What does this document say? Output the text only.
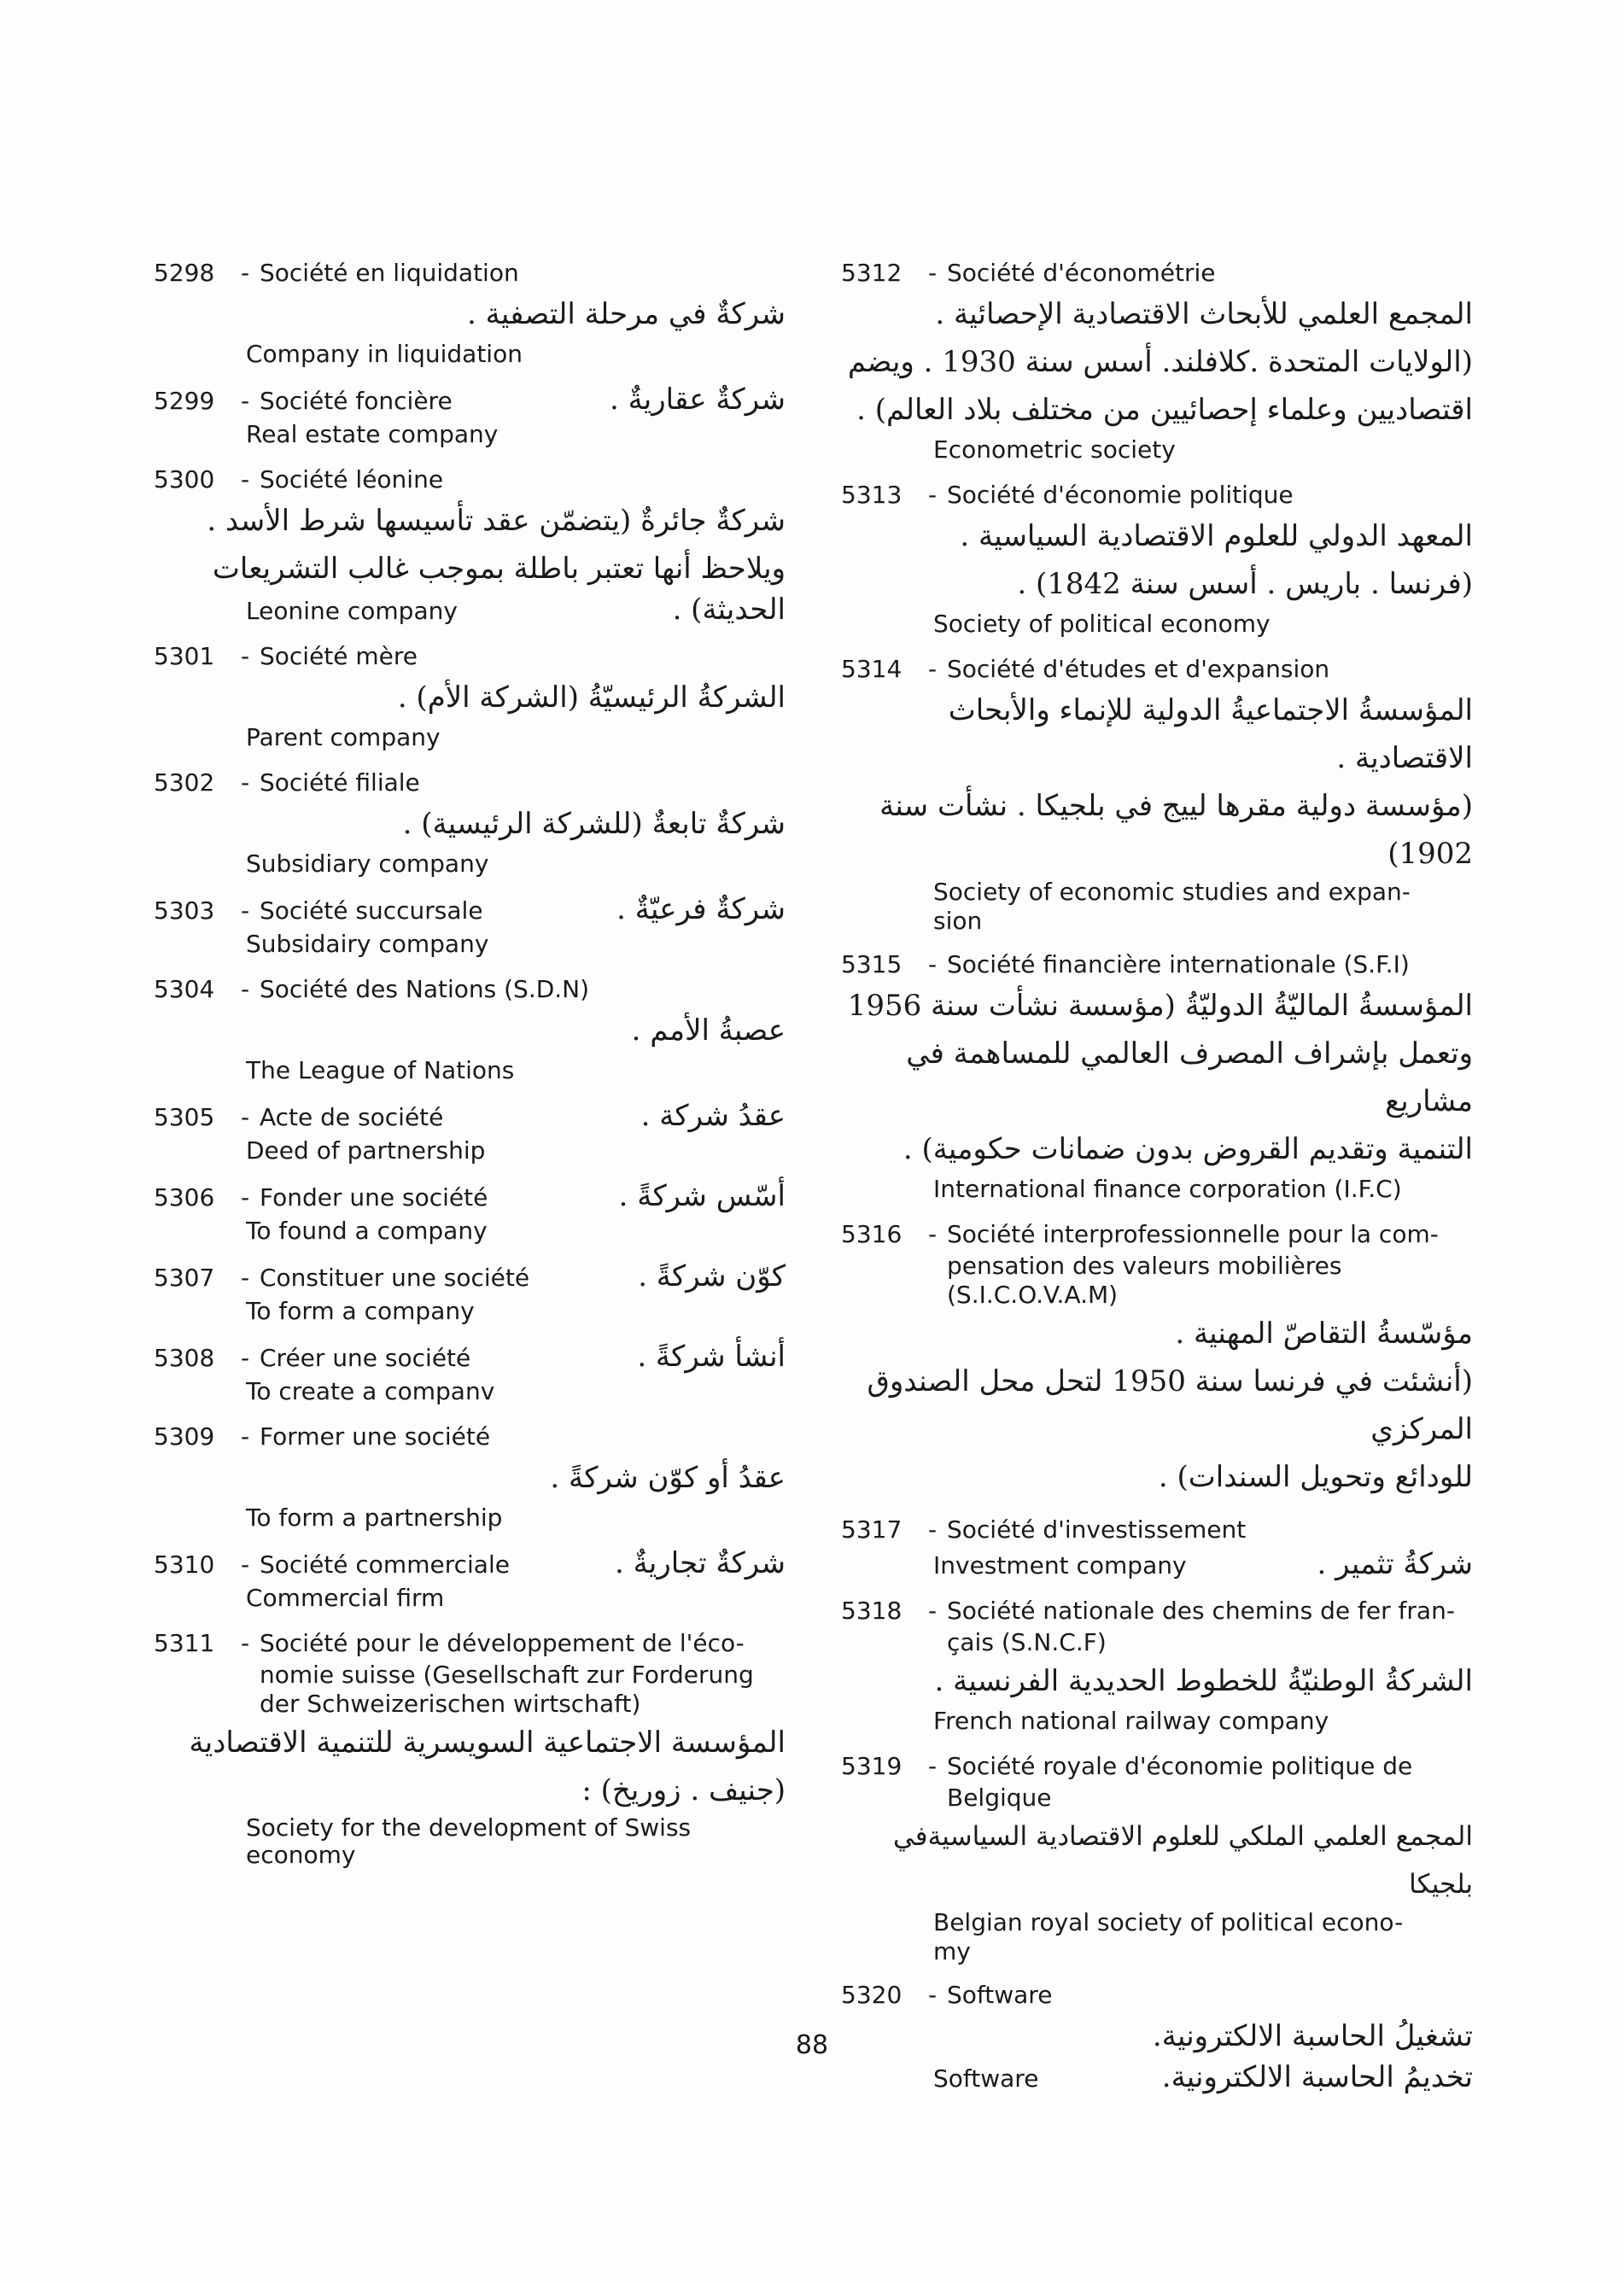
5298	- Société en liquidation
شركةٌ في مرحلة التصفية .
Company in liquidation
5299	- Société foncière	شركةٌ عقاريةٌ .
Real estate company
5300	- Société léonine
شركةٌ جائرةٌ (يتضمّن عقد تأسيسها شرط الأسد .
ويلاحظ أنها تعتبر باطلة بموجب غالب التشريعات
Leonine company	الحديثة) .
5301	- Société mère
الشركةُ الرئيسيّةُ (الشركة الأم) .
Parent company
5302	- Société filiale
شركةٌ تابعةٌ (للشركة الرئيسية) .
Subsidiary company
5303	- Société succursale	شركةٌ فرعيّةٌ .
Subsidairy company
5304	- Société des Nations (S.D.N)
عصبةُ الأمم .
The League of Nations
5305	- Acte de société	عقدُ شركة .
Deed of partnership
5306	- Fonder une société	أسّس شركةً .
To found a company
5307	- Constituer une société	كوّن شركةً .
To form a company
5308	- Créer une société	أنشأ شركةً .
To create a companv
5309	- Former une société
عقدُ أو كوّن شركةً .
To form a partnership
5310	- Société commerciale	شركةٌ تجاريةٌ .
Commercial firm
5311	- Société pour le développement de l'éco-
nomie suisse (Gesellschaft zur Forderung
der Schweizerischen wirtschaft)
المؤسسة الاجتماعية السويسرية للتنمية الاقتصادية
(جنيف . زوريخ) :
Society for the development of Swiss
economy
5312	- Société d'économétrie
المجمع العلمي للأبحاث الاقتصادية الإحصائية .
(الولايات المتحدة .كلافلند. أسس سنة 1930 . ويضم
اقتصاديين وعلماء إحصائيين من مختلف بلاد العالم) .
Econometric society
5313	- Société d'économie politique
المعهد الدولي للعلوم الاقتصادية السياسية .
(فرنسا . باريس . أسس سنة 1842) .
Society of political economy
5314	- Société d'études et d'expansion
المؤسسةُ الاجتماعيةُ الدولية للإنماء والأبحاث
الاقتصادية .
(مؤسسة دولية مقرها لييج في بلجيكا . نشأت سنة 1902)
Society of economic studies and expan-
sion
5315	- Société financière internationale (S.F.I)
المؤسسةُ الماليّةُ الدوليّةُ (مؤسسة نشأت سنة 1956
وتعمل بإشراف المصرف العالمي للمساهمة في مشاريع
التنمية وتقديم القروض بدون ضمانات حكومية) .
International finance corporation (I.F.C)
5316	- Société interprofessionnelle pour la com-
pensation des valeurs mobilières
(S.I.C.O.V.A.M)
مؤسّسةُ التقاصّ المهنية .
(أنشئت في فرنسا سنة 1950 لتحل محل الصندوق المركزي
للودائع وتحويل السندات) .
5317	- Société d'investissement
Investment company	شركةُ تثمير .
5318	- Société nationale des chemins de fer fran-
çais (S.N.C.F)
الشركةُ الوطنيّةُ للخطوط الحديدية الفرنسية .
French national railway company
5319	- Société royale d'économie politique de
Belgique
المجمع العلمي الملكي للعلوم الاقتصادية السياسيةفي بلجيكا
Belgian royal society of political econo-
my
5320	- Software
تشغيلُ الحاسبة الالكترونية.
Software	تخديمُ الحاسبة الالكترونية.
88
